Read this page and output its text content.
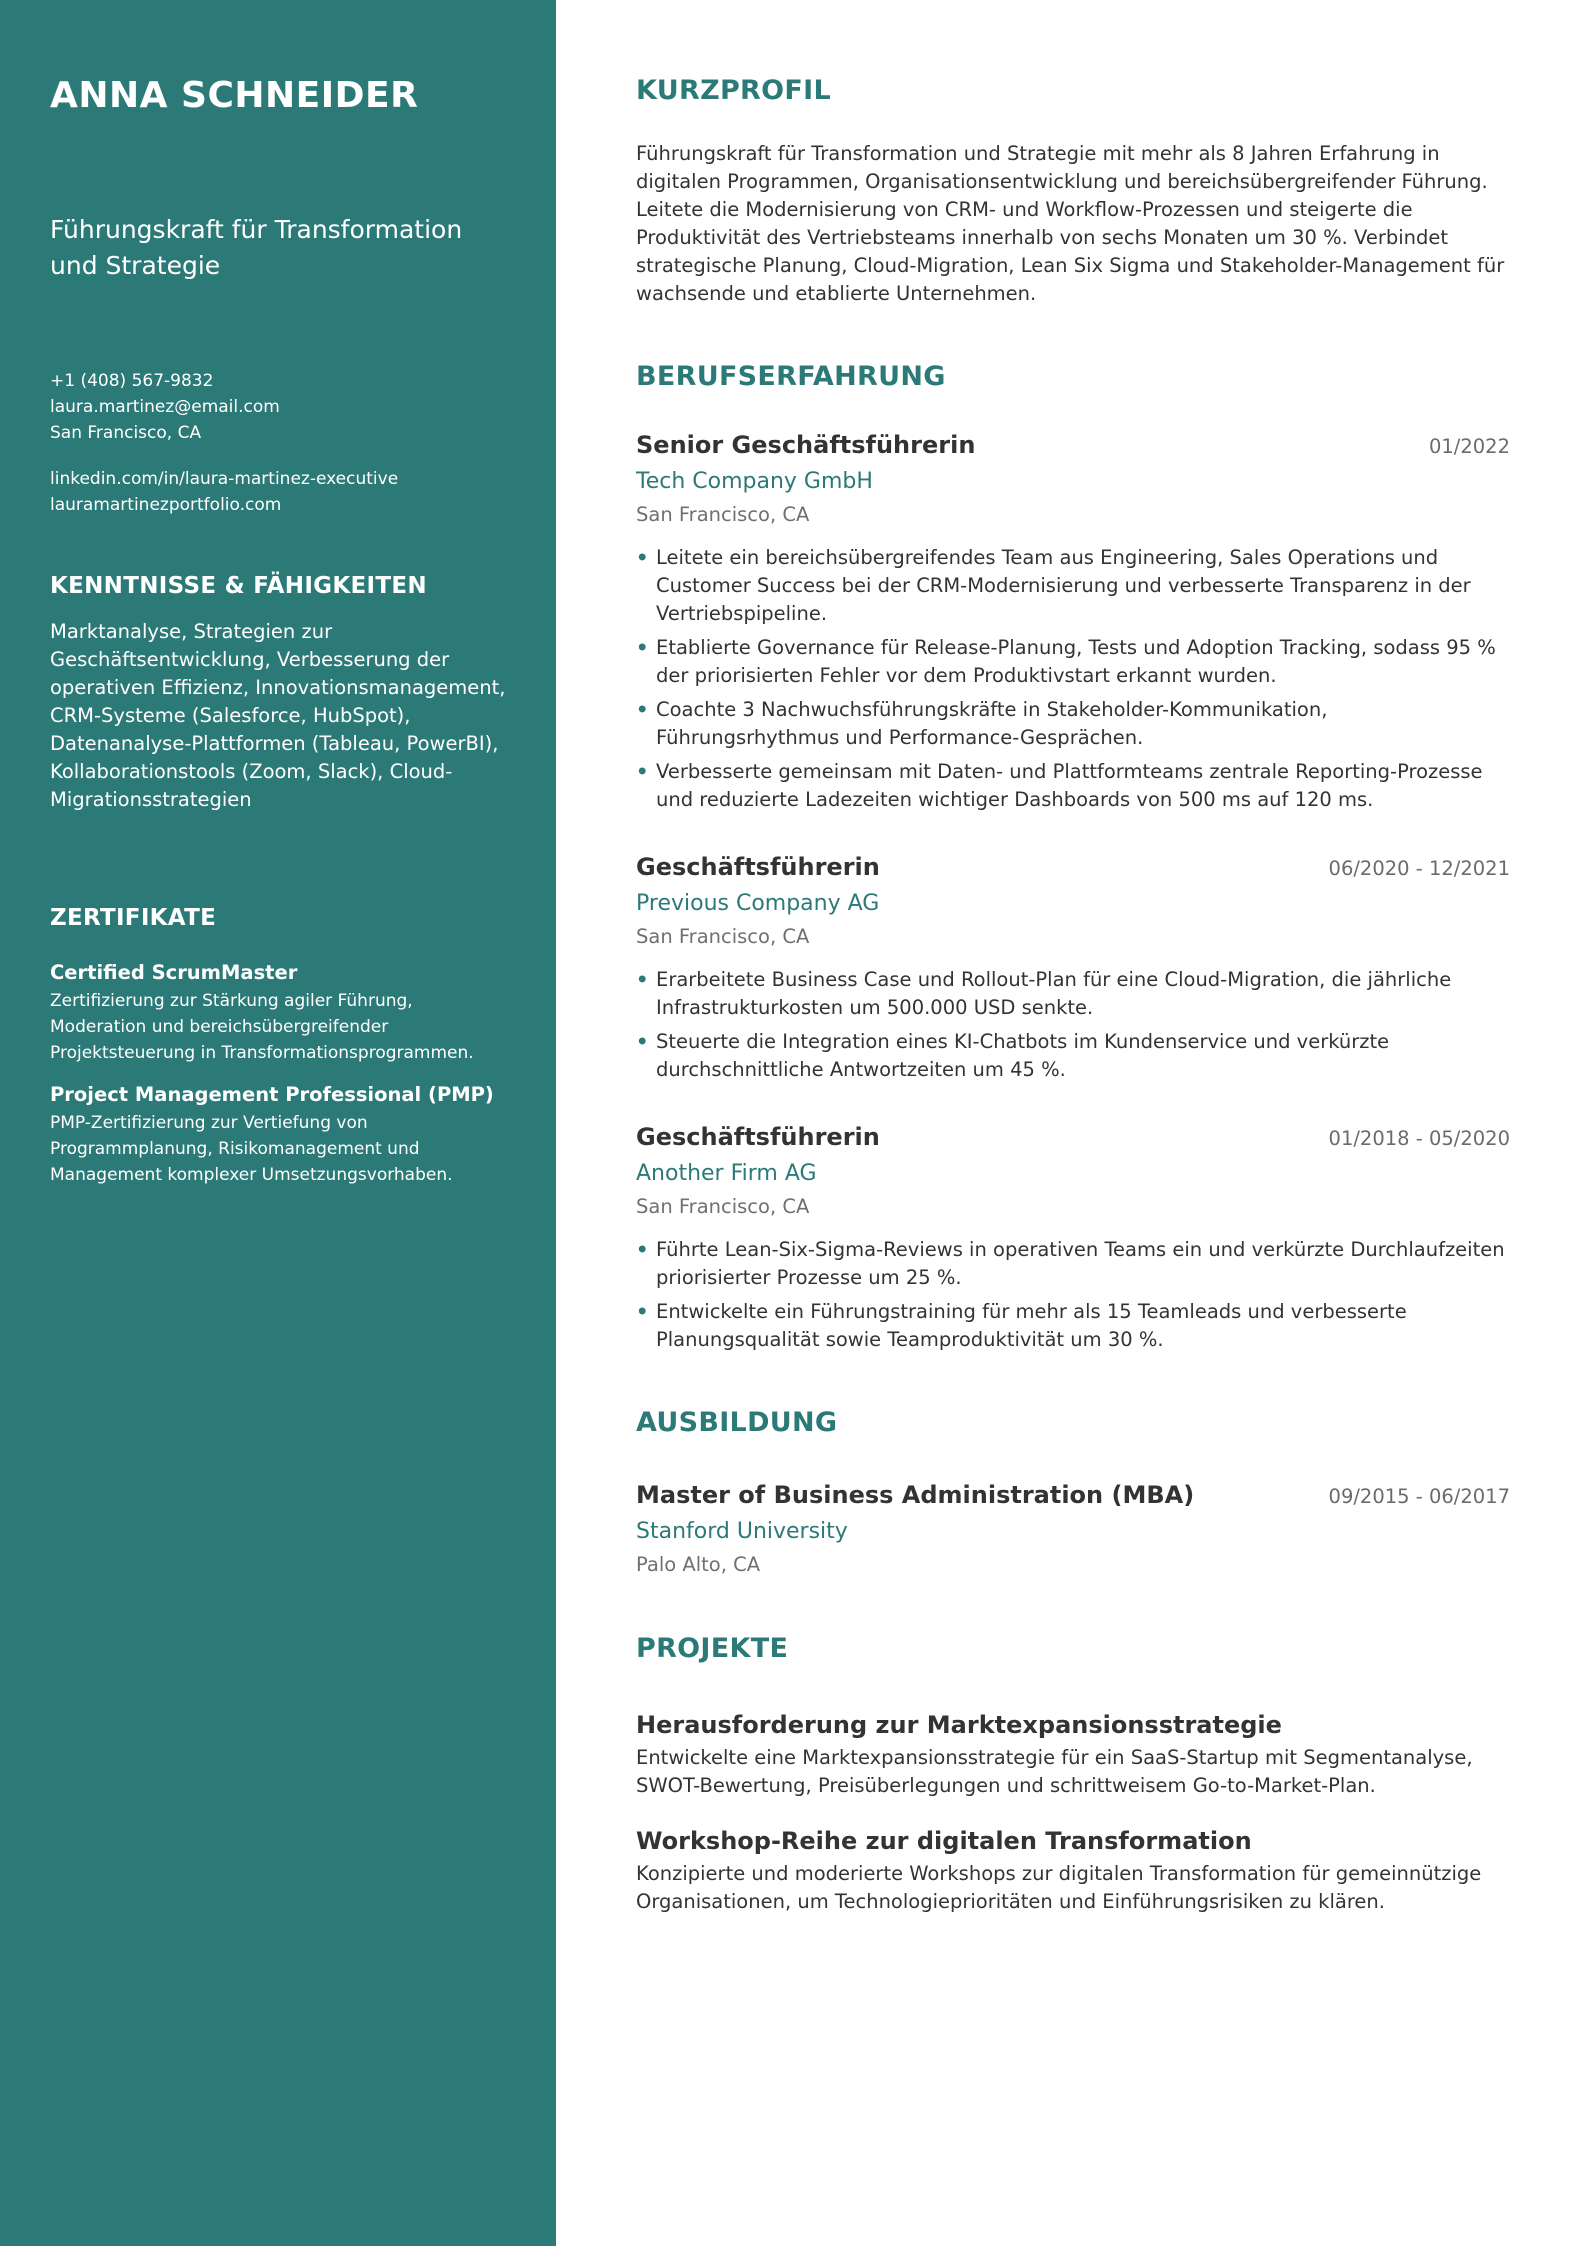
ANNA SCHNEIDER
Führungskraft für Transformation und Strategie
+1 (408) 567-9832
laura.martinez@email.com
San Francisco, CA
linkedin.com/in/laura-martinez-executive
lauramartinezportfolio.com
KENNTNISSE & FÄHIGKEITEN

Marktanalyse, Strategien zur Geschäftsentwicklung, Verbesserung der operativen Effizienz, Innovationsmanagement, CRM-Systeme (Salesforce, HubSpot), Datenanalyse-Plattformen (Tableau, PowerBI), Kollaborationstools (Zoom, Slack), Cloud-Migrationsstrategien

ZERTIFIKATE
Certified ScrumMaster
Zertifizierung zur Stärkung agiler Führung, Moderation und bereichsübergreifender Projektsteuerung in Transformationsprogrammen.
Project Management Professional (PMP)
PMP-Zertifizierung zur Vertiefung von Programmplanung, Risikomanagement und Management komplexer Umsetzungsvorhaben.
KURZPROFIL

Führungskraft für Transformation und Strategie mit mehr als 8 Jahren Erfahrung in digitalen Programmen, Organisationsentwicklung und bereichsübergreifender Führung. Leitete die Modernisierung von CRM- und Workflow-Prozessen und steigerte die Produktivität des Vertriebsteams innerhalb von sechs Monaten um 30 %. Verbindet strategische Planung, Cloud-Migration, Lean Six Sigma und Stakeholder-Management für wachsende und etablierte Unternehmen.

BERUFSERFAHRUNG
Senior Geschäftsführerin	01/2022
Tech Company GmbH
San Francisco, CA
• Leitete ein bereichsübergreifendes Team aus Engineering, Sales Operations und Customer Success bei der CRM-Modernisierung und verbesserte Transparenz in der Vertriebspipeline.
• Etablierte Governance für Release-Planung, Tests und Adoption Tracking, sodass 95 % der priorisierten Fehler vor dem Produktivstart erkannt wurden.
• Coachte 3 Nachwuchsführungskräfte in Stakeholder-Kommunikation, Führungsrhythmus und Performance-Gesprächen.
• Verbesserte gemeinsam mit Daten- und Plattformteams zentrale Reporting-Prozesse und reduzierte Ladezeiten wichtiger Dashboards von 500 ms auf 120 ms.
Geschäftsführerin	06/2020 - 12/2021
Previous Company AG
San Francisco, CA
• Erarbeitete Business Case und Rollout-Plan für eine Cloud-Migration, die jährliche Infrastrukturkosten um 500.000 USD senkte.
• Steuerte die Integration eines KI-Chatbots im Kundenservice und verkürzte durchschnittliche Antwortzeiten um 45 %.
Geschäftsführerin	01/2018 - 05/2020
Another Firm AG
San Francisco, CA
• Führte Lean-Six-Sigma-Reviews in operativen Teams ein und verkürzte Durchlaufzeiten priorisierter Prozesse um 25 %.
• Entwickelte ein Führungstraining für mehr als 15 Teamleads und verbesserte Planungsqualität sowie Teamproduktivität um 30 %.
AUSBILDUNG
Master of Business Administration (MBA)	09/2015 - 06/2017
Stanford University
Palo Alto, CA
PROJEKTE
Herausforderung zur Marktexpansionsstrategie
Entwickelte eine Marktexpansionsstrategie für ein SaaS-Startup mit Segmentanalyse, SWOT-Bewertung, Preisüberlegungen und schrittweisem Go-to-Market-Plan.
Workshop-Reihe zur digitalen Transformation
Konzipierte und moderierte Workshops zur digitalen Transformation für gemeinnützige Organisationen, um Technologieprioritäten und Einführungsrisiken zu klären.
